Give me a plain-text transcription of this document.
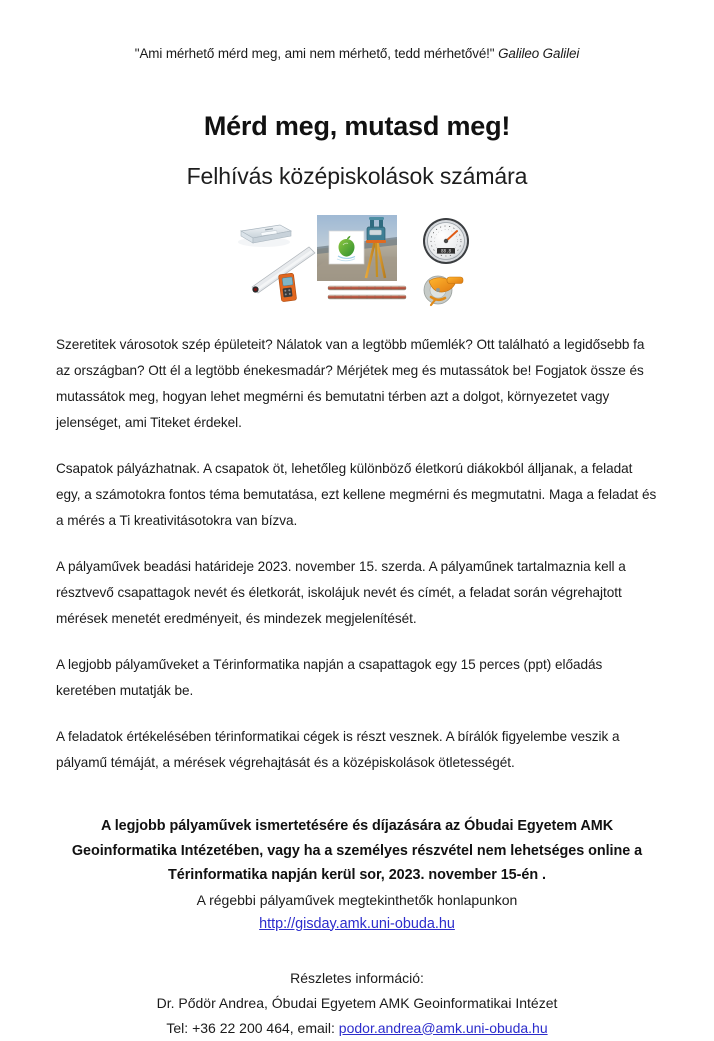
"Ami mérhető mérd meg, ami nem mérhető, tedd mérhetővé!" Galileo Galilei

Mérd meg, mutasd meg!
Felhívás középiskolások számára
88.8

Szeretitek városotok szép épületeit? Nálatok van a legtöbb műemlék? Ott található a legidősebb fa az országban? Ott él a legtöbb énekesmadár? Mérjétek meg és mutassátok be! Fogjatok össze és mutassátok meg, hogyan lehet megmérni és bemutatni térben azt a dolgot, környezetet vagy jelenséget, ami Titeket érdekel.

Csapatok pályázhatnak. A csapatok öt, lehetőleg különböző életkorú diákokból álljanak, a feladat egy, a számotokra fontos téma bemutatása, ezt kellene megmérni és megmutatni. Maga a feladat és a mérés a Ti kreativitásotokra van bízva.

A pályaművek beadási határideje 2023. november 15. szerda. A pályaműnek tartalmaznia kell a résztvevő csapattagok nevét és életkorát, iskolájuk nevét és címét, a feladat során végrehajtott mérések menetét eredményeit, és mindezek megjelenítését.

A legjobb pályaműveket a Térinformatika napján a csapattagok egy 15 perces (ppt) előadás keretében mutatják be.

A feladatok értékelésében térinformatikai cégek is részt vesznek. A bírálók figyelembe veszik a pályamű témáját, a mérések végrehajtását és a középiskolások ötletességét.

A legjobb pályaművek ismertetésére és díjazására az Óbudai Egyetem AMK Geoinformatika Intézetében, vagy ha a személyes részvétel nem lehetséges online a Térinformatika napján kerül sor, 2023. november 15-én .

A régebbi pályaművek megtekinthetők honlapunkon

http://gisday.amk.uni-obuda.hu

Részletes információ:

Dr. Pődör Andrea, Óbudai Egyetem AMK Geoinformatikai Intézet

Tel: +36 22 200 464, email: podor.andrea@amk.uni-obuda.hu
